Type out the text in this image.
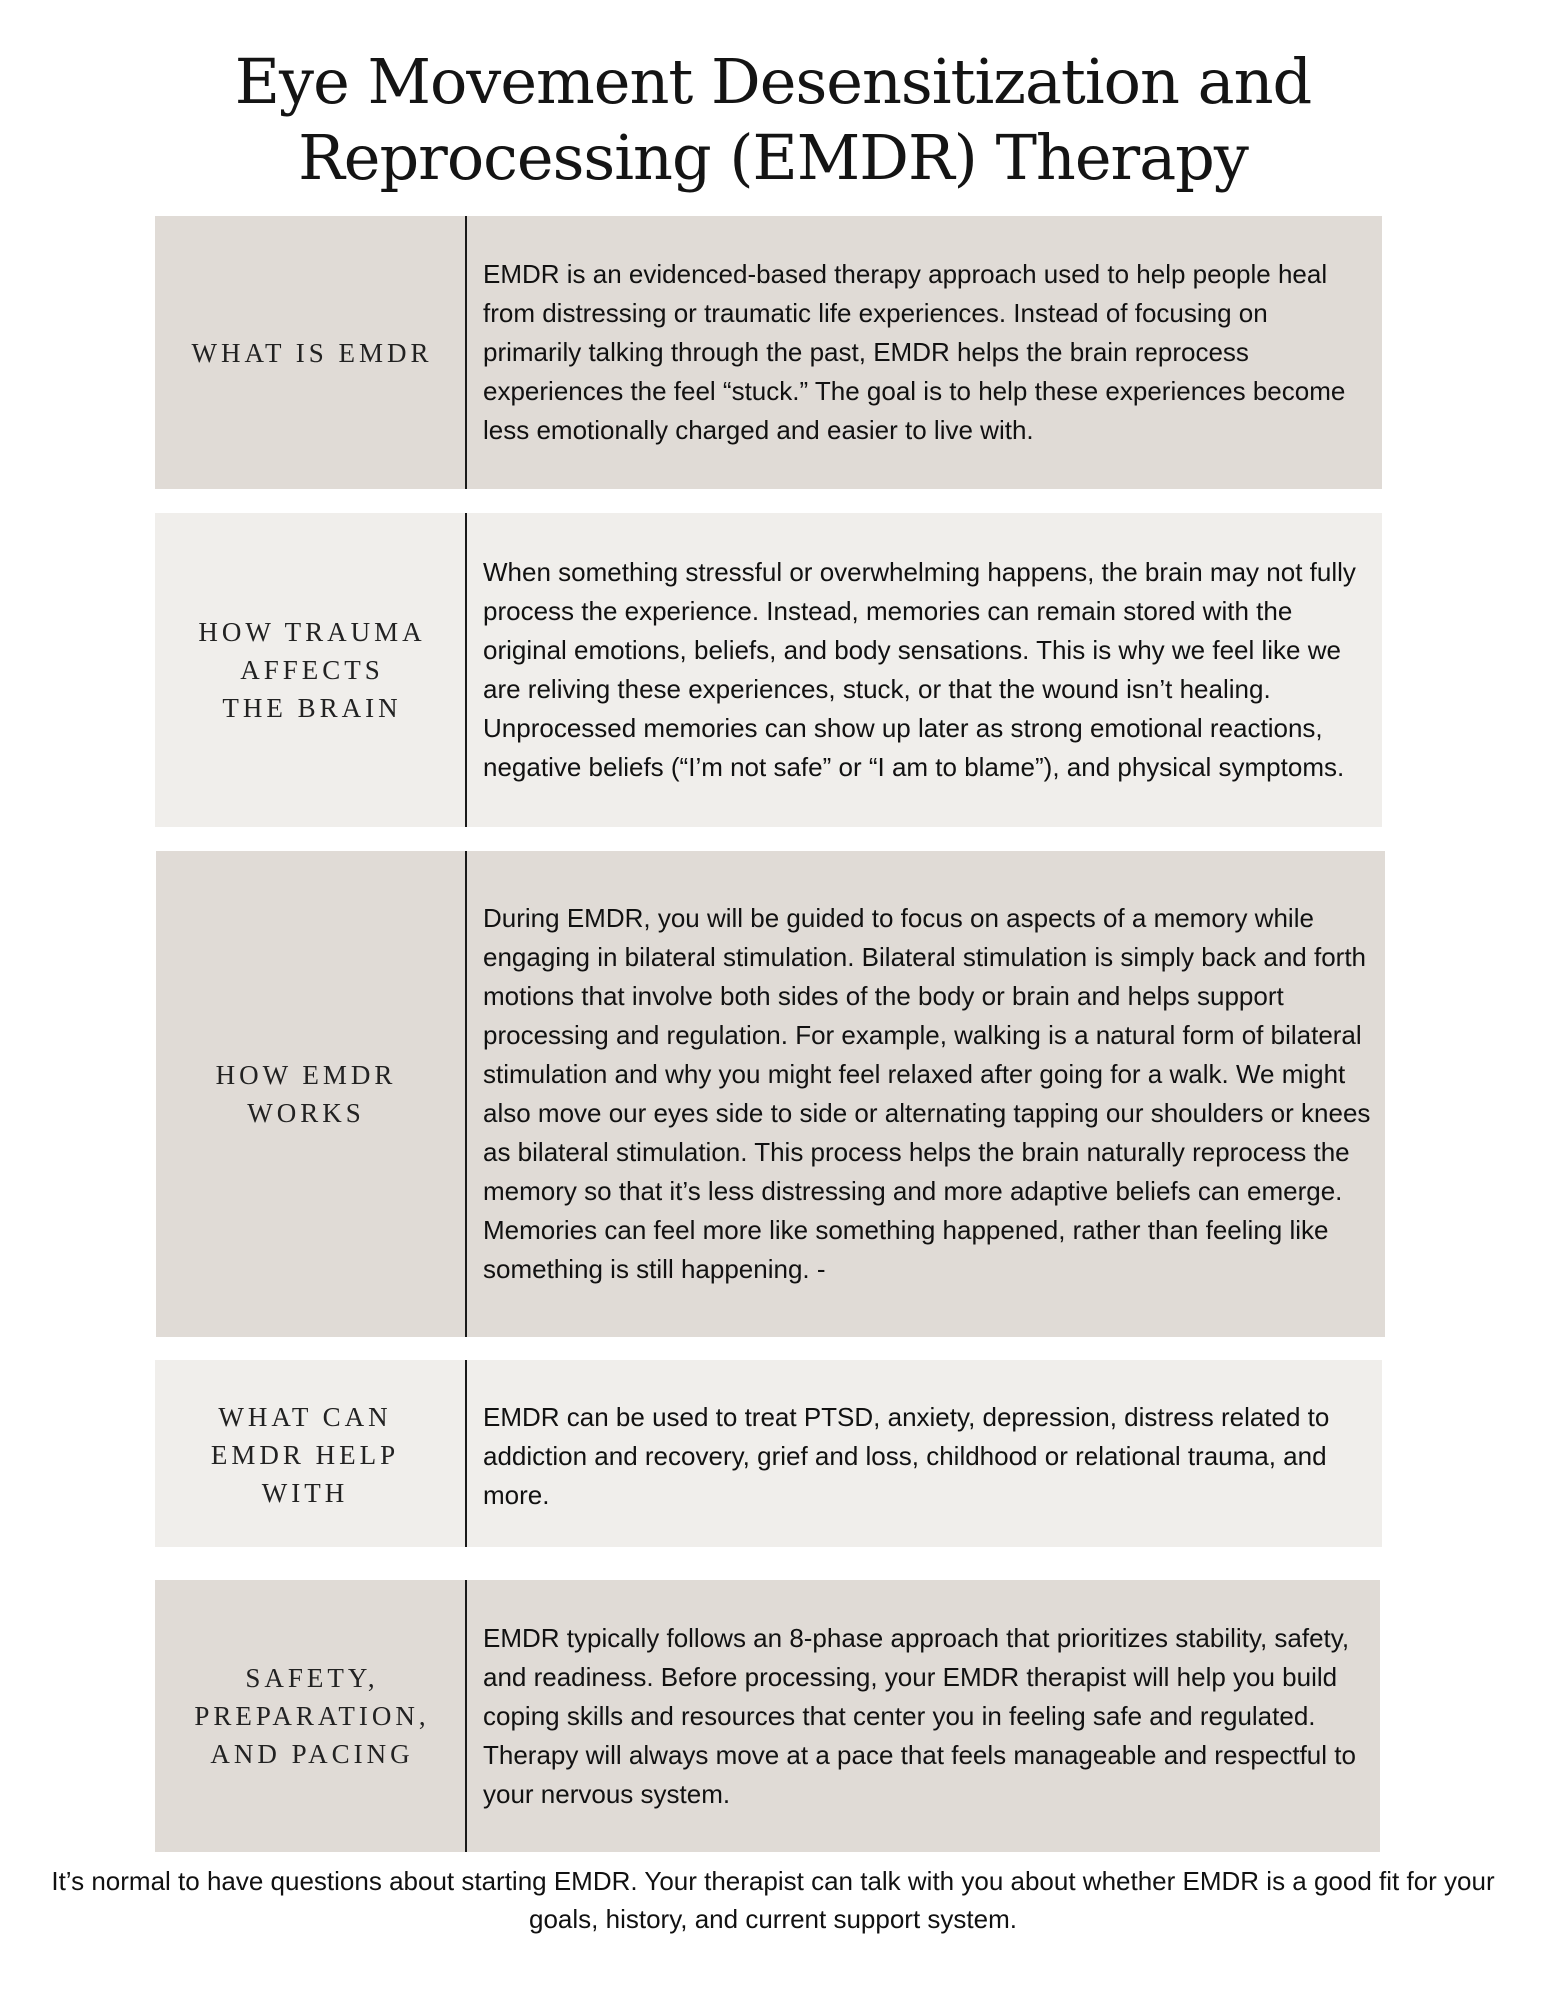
Eye Movement Desensitization and
Reprocessing (EMDR) Therapy
WHAT IS EMDR
EMDR is an evidenced-based therapy approach used to help people heal from distressing or traumatic life experiences. Instead of focusing on primarily talking through the past, EMDR helps the brain reprocess experiences the feel “stuck.” The goal is to help these experiences become less emotionally charged and easier to live with.
HOW TRAUMA
AFFECTS
THE BRAIN
When something stressful or overwhelming happens, the brain may not fully process the experience. Instead, memories can remain stored with the original emotions, beliefs, and body sensations. This is why we feel like we are reliving these experiences, stuck, or that the wound isn’t healing. Unprocessed memories can show up later as strong emotional reactions, negative beliefs (“I’m not safe” or “I am to blame”), and physical symptoms.
HOW EMDR
WORKS
During EMDR, you will be guided to focus on aspects of a memory while engaging in bilateral stimulation. Bilateral stimulation is simply back and forth motions that involve both sides of the body or brain and helps support processing and regulation. For example, walking is a natural form of bilateral stimulation and why you might feel relaxed after going for a walk. We might also move our eyes side to side or alternating tapping our shoulders or knees as bilateral stimulation. This process helps the brain naturally reprocess the memory so that it’s less distressing and more adaptive beliefs can emerge. Memories can feel more like something happened, rather than feeling like something is still happening. -
WHAT CAN
EMDR HELP
WITH
EMDR can be used to treat PTSD, anxiety, depression, distress related to addiction and recovery, grief and loss, childhood or relational trauma, and more.
SAFETY,
PREPARATION,
AND PACING
EMDR typically follows an 8-phase approach that prioritizes stability, safety, and readiness. Before processing, your EMDR therapist will help you build coping skills and resources that center you in feeling safe and regulated. Therapy will always move at a pace that feels manageable and respectful to your nervous system.
It’s normal to have questions about starting EMDR. Your therapist can talk with you about whether EMDR is a good fit for your goals, history, and current support system.
